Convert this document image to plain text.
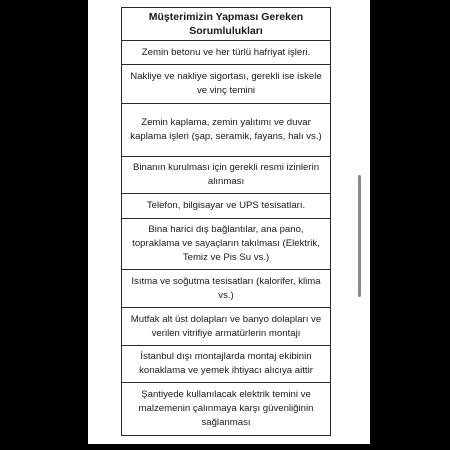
Müşterimizin Yapması Gereken Sorumlulukları
Zemin betonu ve her türlü hafriyat işleri.
Nakliye ve nakliye sigortası, gerekli ise iskele ve vinç temini
Zemin kaplama, zemin yalıtımı ve duvar kaplama işleri (şap, seramik, fayans, halı vs.)
Binanın kurulması için gerekli resmi izinlerin alınması
Telefon, bilgisayar ve UPS tesisatları.
Bina harici dış bağlantılar, ana pano, topraklama ve sayaçların takılması (Elektrik, Temiz ve Pis Su vs.)
Isıtma ve soğutma tesisatları (kalorifer, klima vs.)
Mutfak alt üst dolapları ve banyo dolapları ve verilen vitrifiye armatürlerin montajı
İstanbul dışı montajlarda montaj ekibinin konaklama ve yemek ihtiyacı alıcıya aittir
Şantiyede kullanılacak elektrik temini ve malzemenin çalınmaya karşı güvenliğinin sağlanması
